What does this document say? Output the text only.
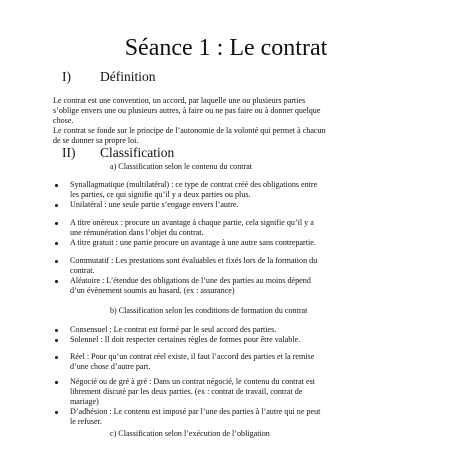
Séance 1 : Le contrat
I) Définition
Le contrat est une convention, un accord, par laquelle une ou plusieurs parties
s’oblige envers une ou plusieurs autres, à faire ou ne pas faire ou à donner quelque
chose.
Le contrat se fonde sur le principe de l’autonomie de la volonté qui permet à chacun
de se donner sa propre loi.
II) Classification
a) Classification selon le contenu du contrat
Synallagmatique (multilatéral) : ce type de contrat créé des obligations entre
les parties, ce qui signifie qu’il y a deux parties ou plus.
Unilatéral : une seule partie s’engage envers l’autre.
A titre onéreux : procure un avantage à chaque partie, cela signifie qu’il y a
une rémunération dans l’objet du contrat.
A titre gratuit : une partie procure un avantage à une autre sans contrepartie.
Commutatif : Les prestations sont évaluables et fixés lors de la formation du
contrat.
Aléatoire : L’étendue des obligations de l’une des parties au moins dépend
d’un évènement soumis au hasard. (ex : assurance)
b) Classification selon les conditions de formation du contrat
Consensuel : Le contrat est formé par le seul accord des parties.
Solennel : Il doit respecter certaines règles de formes pour être valable.
Réel : Pour qu’un contrat réel existe, il faut l’accord des parties et la remise
d’une chose d’autre part.
Négocié ou de gré à gré : Dans un contrat négocié, le contenu du contrat est
librement discuté par les deux parties. (ex : contrat de travail, contrat de
mariage)
D’adhésion : Le contenu est imposé par l’une des parties à l’autre qui ne peut
le refuser.
c) Classification selon l’exécution de l’obligation
